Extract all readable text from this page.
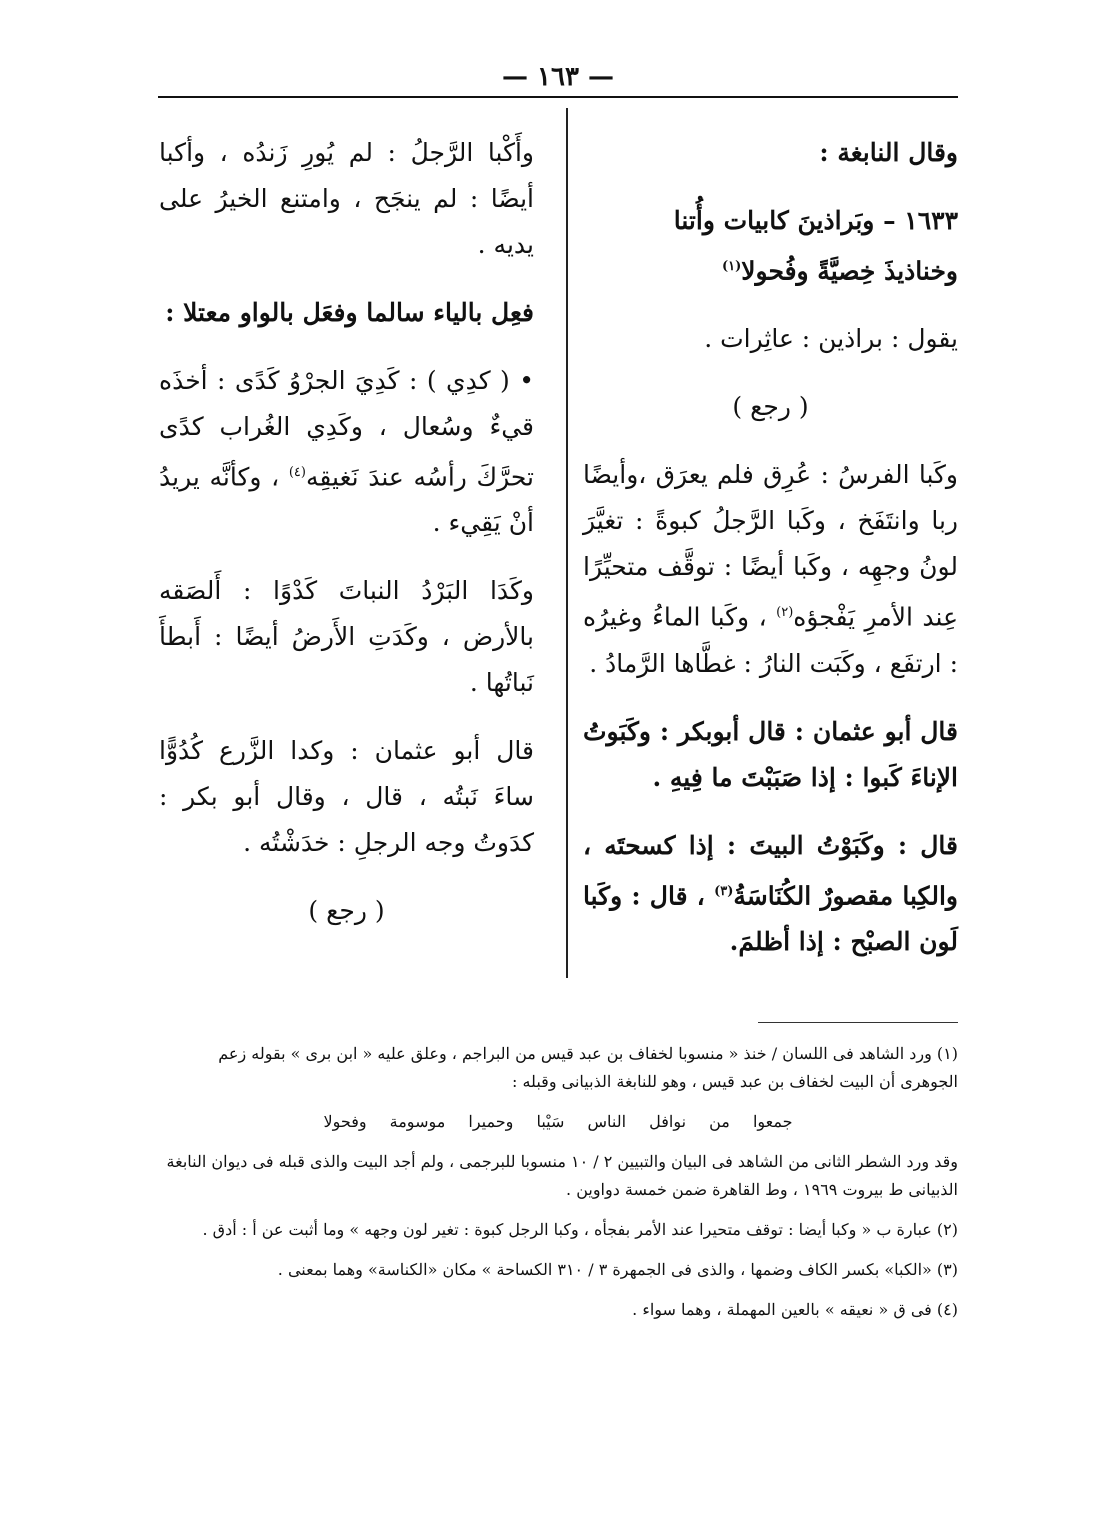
— ١٦٣ —

وقال النابغة :

١٦٣٣ – وبَراذينَ كابيات وأُتنا
وخناذيذَ خِصيَّةً وفُحولا$^{(١)}$

يقول : براذين : عاثِرات .

( رجع )

وكَبا الفرسُ : عُرِق فلم يعرَق ،وأيضًا ربا وانتَفَخ ، وكَبا الرَّجلُ كبوةً : تغيَّرَ لونُ وجهِه ، وكَبا أيضًا : توقَّف متحيِّرًا عِند الأمرِ يَفْجؤه$^{(٢)}$ ، وكَبا الماءُ وغيرُه : ارتفَع ، وكَبَت النارُ : غطَّاها الرَّمادُ .

قال أبو عثمان : قال أبوبكر : وكَبَوتُ الإناءَ كَبوا : إذا صَبَبْتَ ما فِيهِ .

قال : وكَبَوْتُ البيتَ : إذا كسحتَه ، والكِبا مقصورٌ الكُنَاسَةُ$^{(٣)}$ ، قال : وكَبا لَون الصبْح : إذا أظلمَ.

وأَكْبا الرَّجلُ : لم يُورِ زَندُه ، وأكبا أيضًا : لم ينجَح ، وامتنع الخيرُ على يديه .

فعِل بالياء سالما وفعَل بالواو معتلا :

• ( كدِي ) : كَدِيَ الجرْوُ كَدًى : أخذَه قيءٌ وسُعال ، وكَدِي الغُراب كدًى تحرَّكَ رأسُه عندَ نَغيقِه$^{(٤)}$ ، وكأنَّه يريدُ أنْ يَقِيء .

وكَدَا البَرْدُ النباتَ كَدْوًا : أَلصَقه بالأرض ، وكَدَتِ الأَرضُ أيضًا : أَبطأَ نَباتُها .

قال أبو عثمان : وكدا الزَّرع كُدُوًّا ساءَ نَبتُه ، قال ، وقال أبو بكر : كدَوتُ وجه الرجلِ : خدَشْتُه .

( رجع )

(١) ورد الشاهد فى اللسان / خنذ « منسوبا لخفاف بن عبد قيس من البراجم ، وعلق عليه « ابن برى » بقوله زعم الجوهرى أن البيت لخفاف بن عبد قيس ، وهو للنابغة الذبيانى وقبله :

جمعوا من نوافل الناس سَيْبا وحميرا موسومة وفحولا

وقد ورد الشطر الثانى من الشاهد فى البيان والتبيين ٢ / ١٠ منسوبا للبرجمى ، ولم أجد البيت والذى قبله فى ديوان النابغة الذبيانى ط بيروت ١٩٦٩ ، وط القاهرة ضمن خمسة دواوين .

(٢) عبارة ب « وكبا أيضا : توقف متحيرا عند الأمر بفجأه ، وكبا الرجل كبوة : تغير لون وجهه » وما أثبت عن أ : أدق .

(٣) «الكبا» بكسر الكاف وضمها ، والذى فى الجمهرة ٣ / ٣١٠ الكساحة » مكان «الكناسة» وهما بمعنى .

(٤) فى ق « نعيقه » بالعين المهملة ، وهما سواء .
